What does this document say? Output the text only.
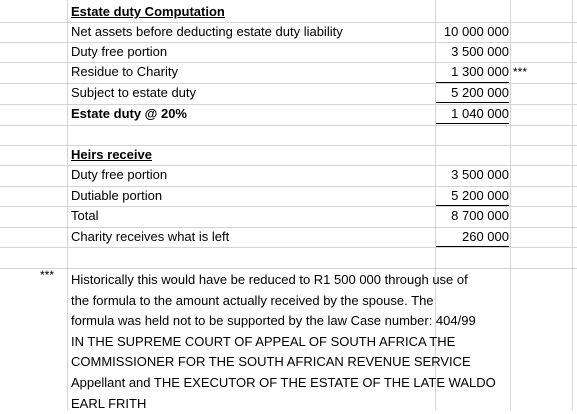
Estate duty Computation
Net assets before deducting estate duty liability	10 000 000
Duty free portion	3 500 000
Residue to Charity	1 300 000 ***
Subject to estate duty	5 200 000
Estate duty @ 20%	1 040 000
Heirs receive
Duty free portion	3 500 000
Dutiable portion	5 200 000
Total	8 700 000
Charity receives what is left	260 000
*** Historically this would have be reduced to R1 500 000 through use of
the formula to the amount actually received by the spouse. The
formula was held not to be supported by the law Case number: 404/99
IN THE SUPREME COURT OF APPEAL OF SOUTH AFRICA THE
COMMISSIONER FOR THE SOUTH AFRICAN REVENUE SERVICE
Appellant and THE EXECUTOR OF THE ESTATE OF THE LATE WALDO
EARL FRITH
